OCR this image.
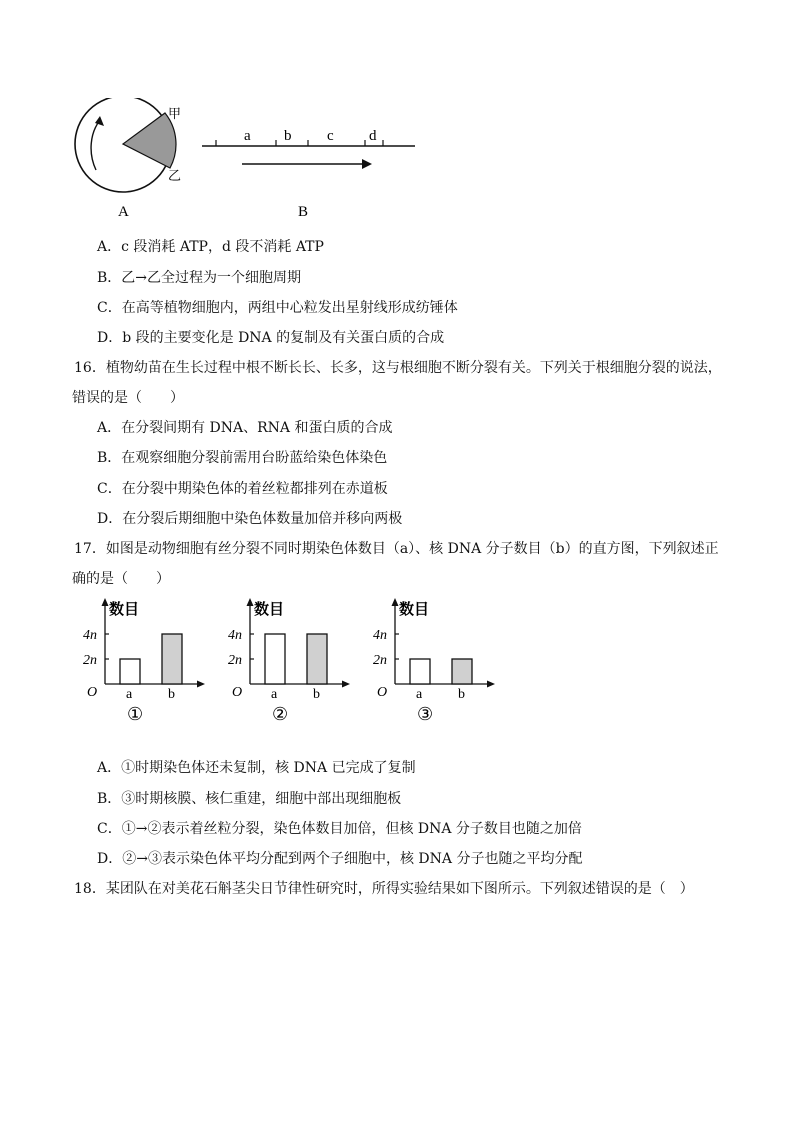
甲
乙
A
a b c d
B
A．c 段消耗 ATP，d 段不消耗 ATP
B．乙→乙全过程为一个细胞周期
C．在高等植物细胞内，两组中心粒发出星射线形成纺锤体
D．b 段的主要变化是 DNA 的复制及有关蛋白质的合成
16．植物幼苗在生长过程中根不断长长、长多，这与根细胞不断分裂有关。下列关于根细胞分裂的说法，
错误的是（　　）
A．在分裂间期有 DNA、RNA 和蛋白质的合成
B．在观察细胞分裂前需用台盼蓝给染色体染色
C．在分裂中期染色体的着丝粒都排列在赤道板
D．在分裂后期细胞中染色体数量加倍并移向两极
17．如图是动物细胞有丝分裂不同时期染色体数目（a）、核 DNA 分子数目（b）的直方图，下列叙述正
确的是（　　）
数目
O
2n
4n
a	b
①
数目
O
2n
4n
a	b
②
数目
O
2n
4n
a	b
③
A．①时期染色体还未复制，核 DNA 已完成了复制
B．③时期核膜、核仁重建，细胞中部出现细胞板
C．①→②表示着丝粒分裂，染色体数目加倍，但核 DNA 分子数目也随之加倍
D．②→③表示染色体平均分配到两个子细胞中，核 DNA 分子也随之平均分配
18．某团队在对美花石斛茎尖日节律性研究时，所得实验结果如下图所示。下列叙述错误的是（　）
